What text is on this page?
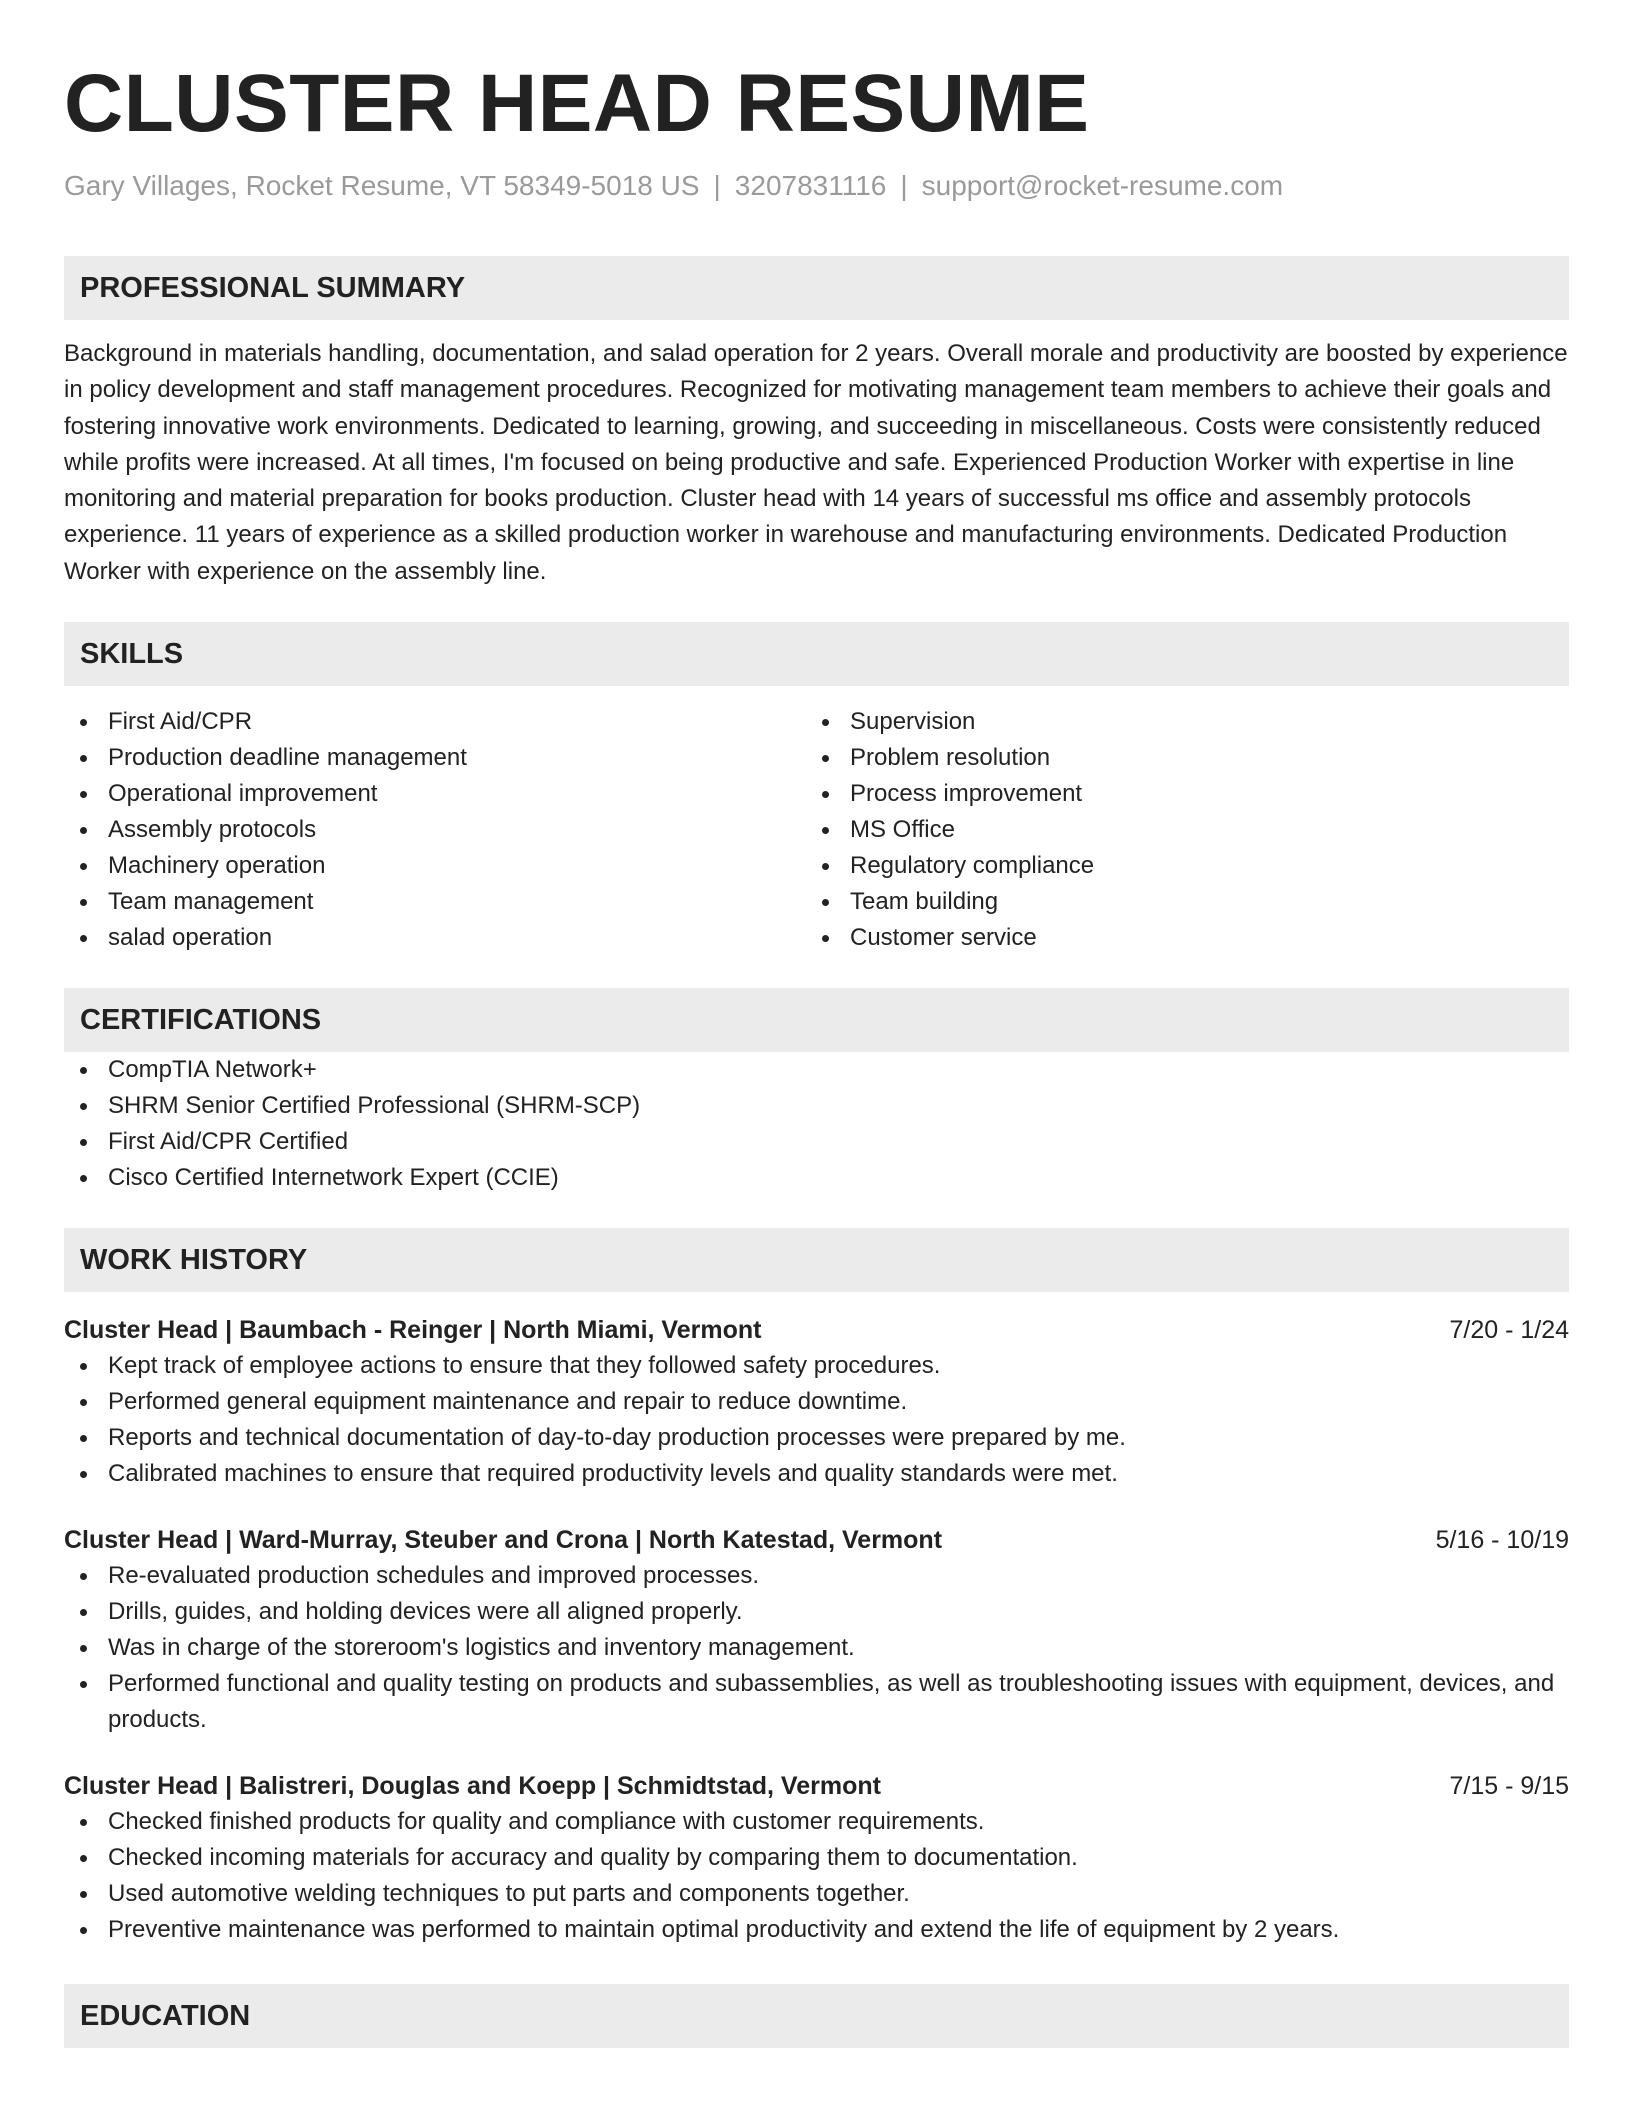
CLUSTER HEAD RESUME
Gary Villages, Rocket Resume, VT 58349-5018 US | 3207831116 | support@rocket-resume.com
PROFESSIONAL SUMMARY
Background in materials handling, documentation, and salad operation for 2 years. Overall morale and productivity are boosted by experience in policy development and staff management procedures. Recognized for motivating management team members to achieve their goals and fostering innovative work environments. Dedicated to learning, growing, and succeeding in miscellaneous. Costs were consistently reduced while profits were increased. At all times, I'm focused on being productive and safe. Experienced Production Worker with expertise in line monitoring and material preparation for books production. Cluster head with 14 years of successful ms office and assembly protocols experience. 11 years of experience as a skilled production worker in warehouse and manufacturing environments. Dedicated Production Worker with experience on the assembly line.
SKILLS
First Aid/CPR
Production deadline management
Operational improvement
Assembly protocols
Machinery operation
Team management
salad operation
Supervision
Problem resolution
Process improvement
MS Office
Regulatory compliance
Team building
Customer service
CERTIFICATIONS
CompTIA Network+
SHRM Senior Certified Professional (SHRM-SCP)
First Aid/CPR Certified
Cisco Certified Internetwork Expert (CCIE)
WORK HISTORY
Cluster Head | Baumbach - Reinger | North Miami, Vermont	7/20 - 1/24
Kept track of employee actions to ensure that they followed safety procedures.
Performed general equipment maintenance and repair to reduce downtime.
Reports and technical documentation of day-to-day production processes were prepared by me.
Calibrated machines to ensure that required productivity levels and quality standards were met.
Cluster Head | Ward-Murray, Steuber and Crona | North Katestad, Vermont	5/16 - 10/19
Re-evaluated production schedules and improved processes.
Drills, guides, and holding devices were all aligned properly.
Was in charge of the storeroom's logistics and inventory management.
Performed functional and quality testing on products and subassemblies, as well as troubleshooting issues with equipment, devices, and products.
Cluster Head | Balistreri, Douglas and Koepp | Schmidtstad, Vermont	7/15 - 9/15
Checked finished products for quality and compliance with customer requirements.
Checked incoming materials for accuracy and quality by comparing them to documentation.
Used automotive welding techniques to put parts and components together.
Preventive maintenance was performed to maintain optimal productivity and extend the life of equipment by 2 years.
EDUCATION
